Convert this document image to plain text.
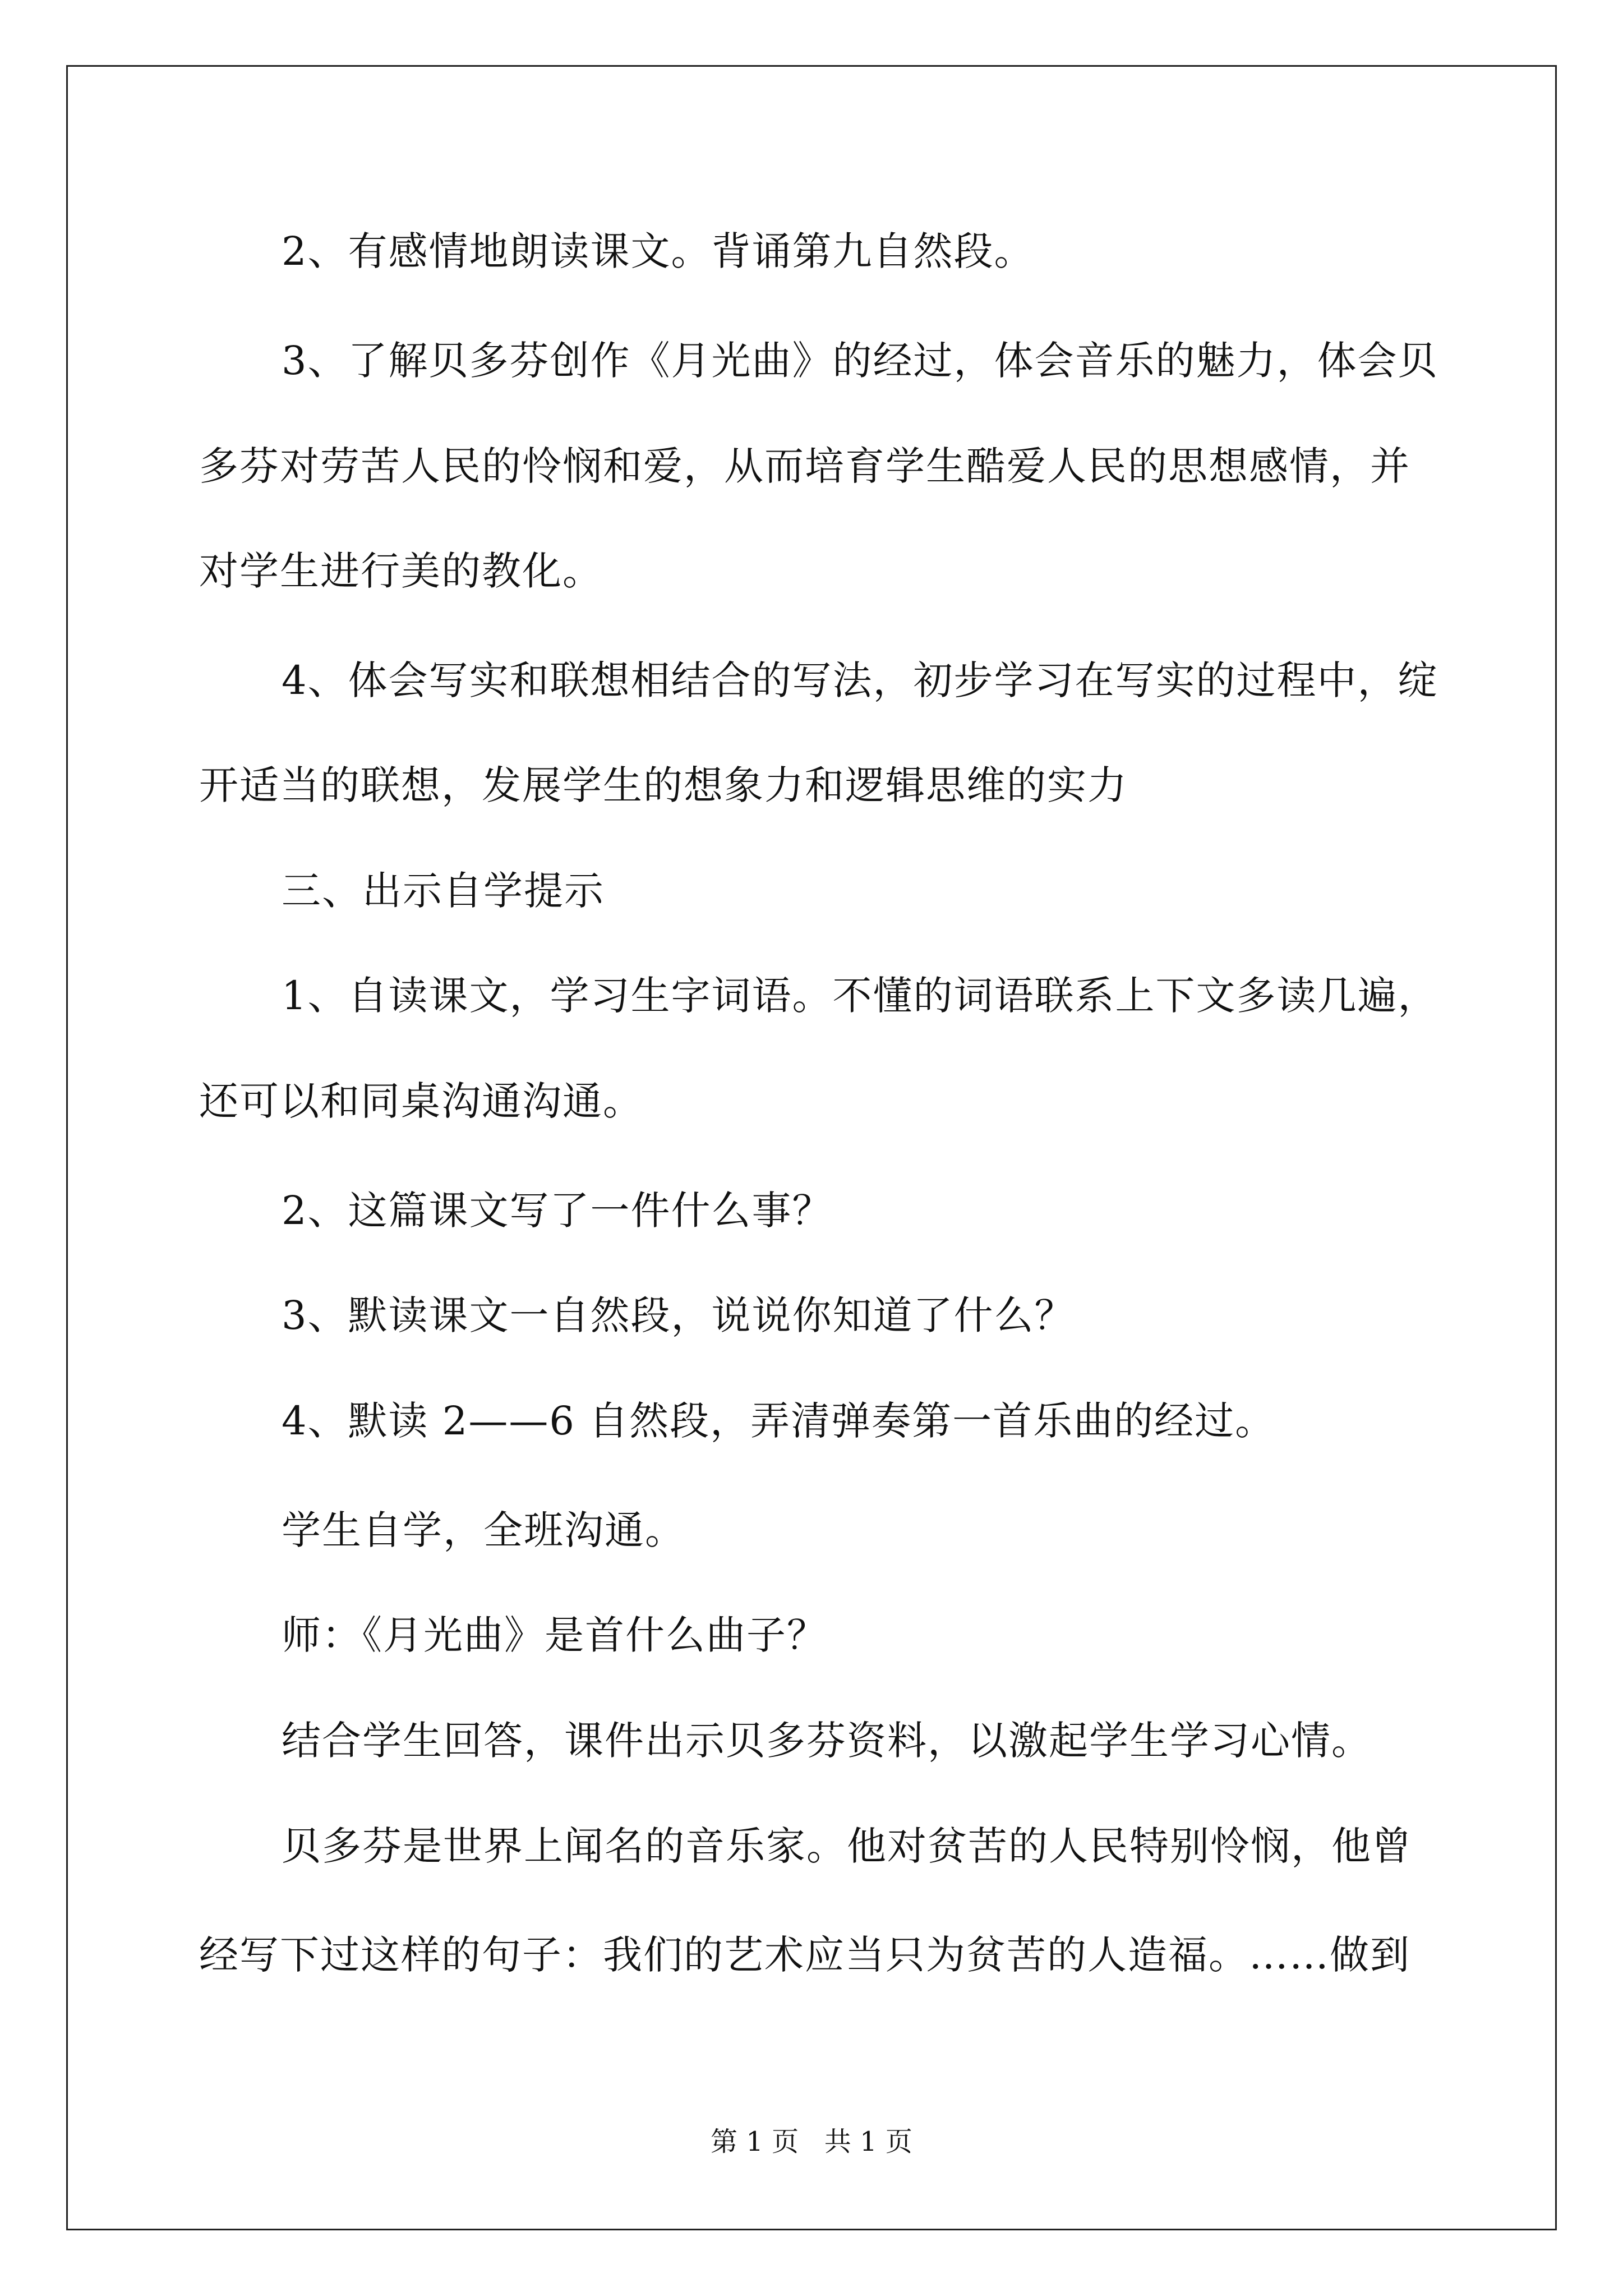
2、有感情地朗读课文。背诵第九自然段。
3、了解贝多芬创作《月光曲》的经过，体会音乐的魅力，体会贝
多芬对劳苦人民的怜悯和爱，从而培育学生酷爱人民的思想感情，并
对学生进行美的教化。
4、体会写实和联想相结合的写法，初步学习在写实的过程中，绽
开适当的联想，发展学生的想象力和逻辑思维的实力
三、出示自学提示
1、自读课文，学习生字词语。不懂的词语联系上下文多读几遍，
还可以和同桌沟通沟通。
2、这篇课文写了一件什么事？
3、默读课文一自然段，说说你知道了什么？
4、默读 2——6 自然段，弄清弹奏第一首乐曲的经过。
学生自学，全班沟通。
师：《月光曲》是首什么曲子？
结合学生回答，课件出示贝多芬资料，以激起学生学习心情。
贝多芬是世界上闻名的音乐家。他对贫苦的人民特别怜悯，他曾
经写下过这样的句子：我们的艺术应当只为贫苦的人造福。……做到
第 1 页   共 1 页
